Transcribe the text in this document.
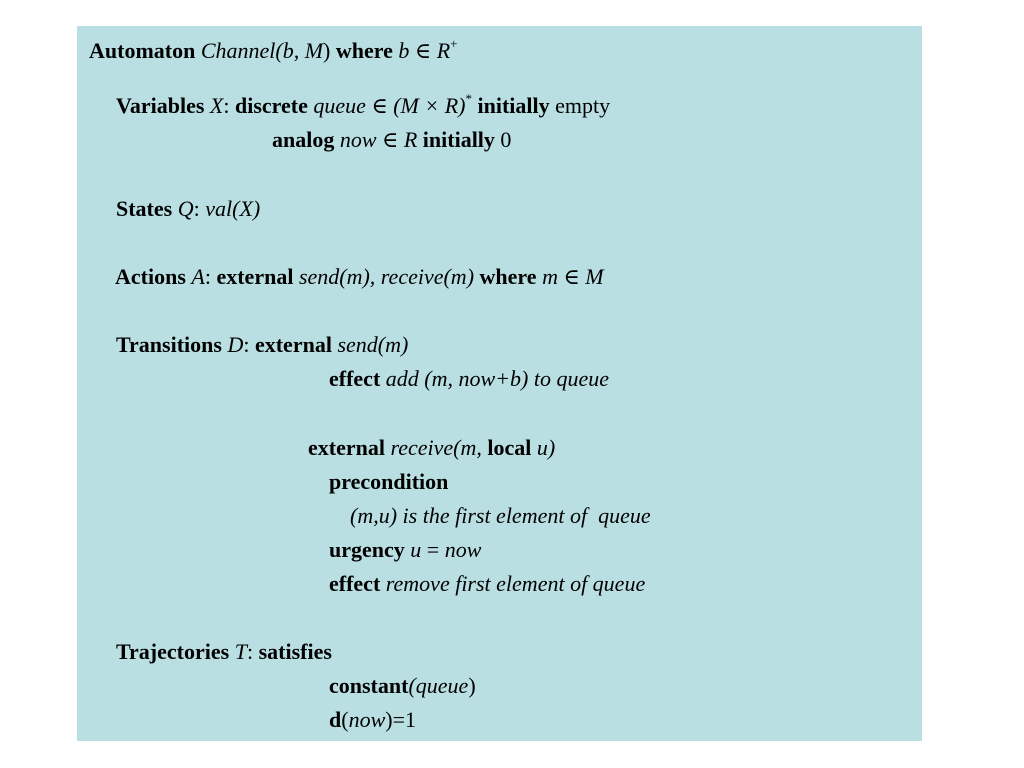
Automaton Channel(b, M) where b ∈ R+
Variables X: discrete queue ∈ (M × R)* initially empty
analog now ∈ R initially 0
States Q: val(X)
Actions A: external send(m), receive(m) where m ∈ M
Transitions D: external send(m)
effect add (m, now+b) to queue
external receive(m, local u)
precondition
(m,u) is the first element of  queue
urgency u = now
effect remove first element of queue
Trajectories T: satisfies
constant(queue)
d(now)=1
